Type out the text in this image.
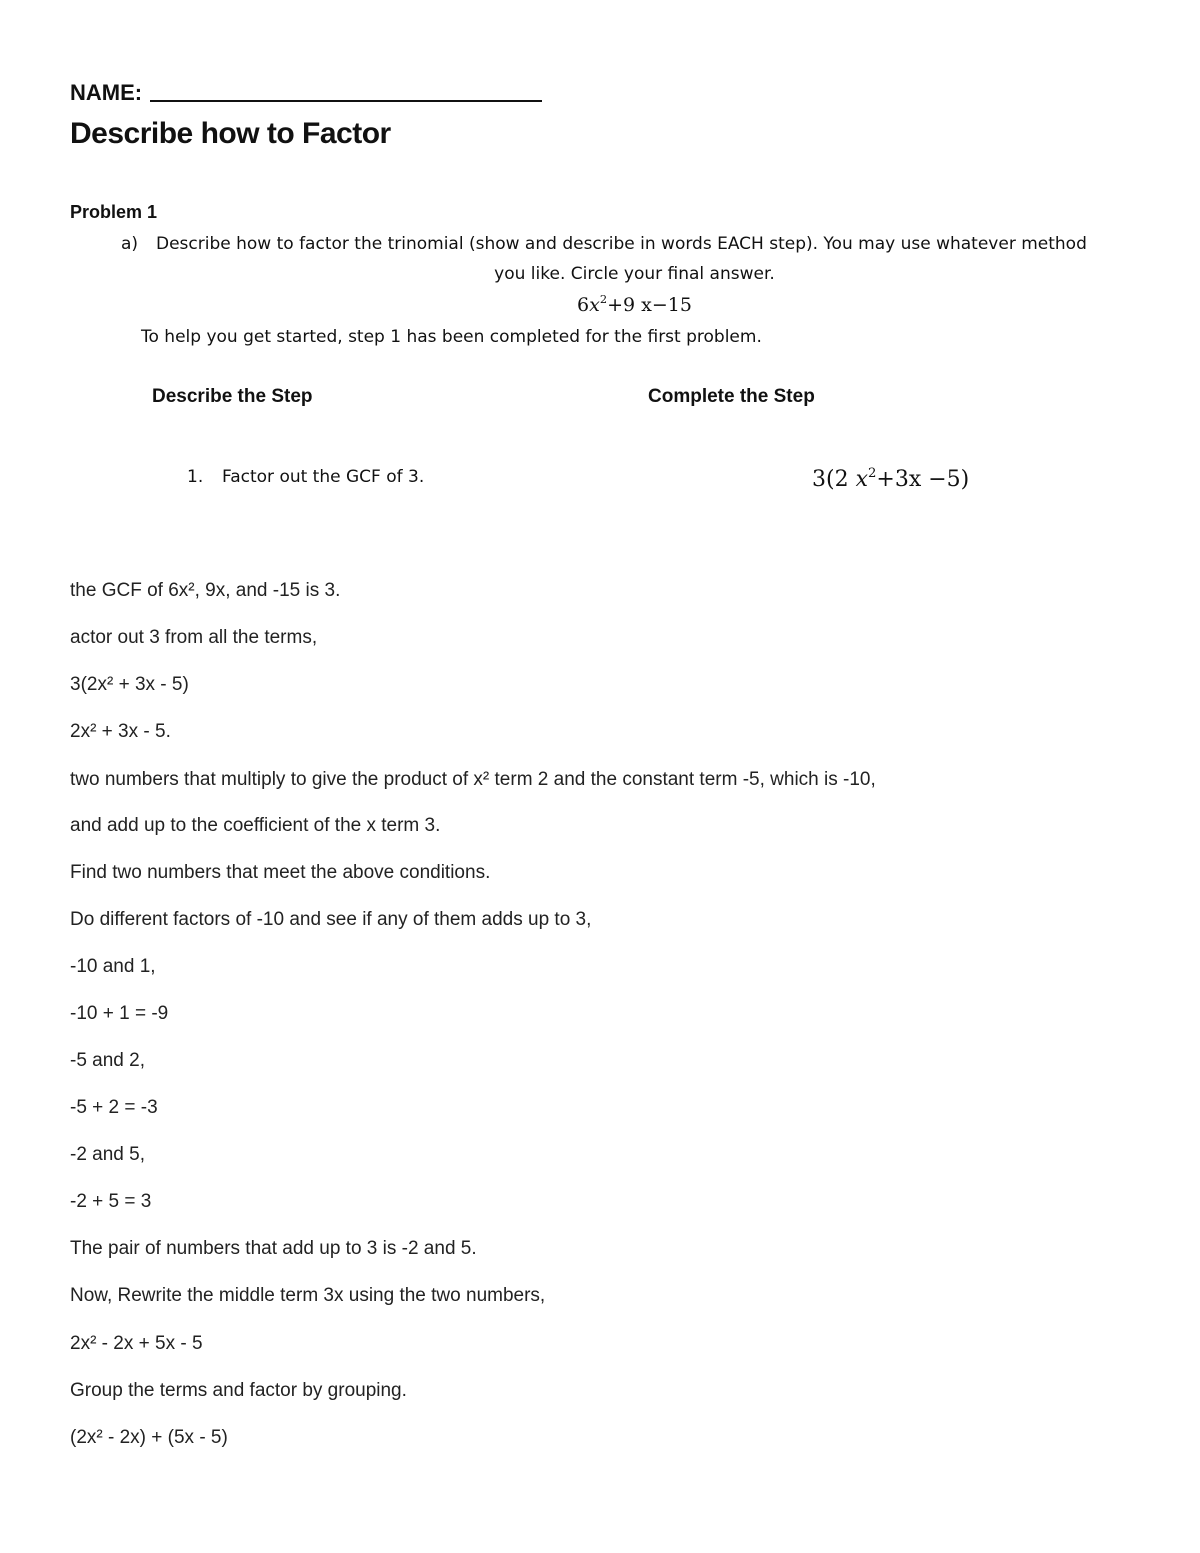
NAME:
Describe how to Factor
Problem 1
a) Describe how to factor the trinomial (show and describe in words EACH step). You may use whatever method
you like. Circle your final answer.
$6x^2+9$ x−15
To help you get started, step 1 has been completed for the first problem.
Describe the Step	Complete the Step
1. Factor out the GCF of 3.	3(2 $x^2+3x -5$)
the GCF of 6x², 9x, and -15 is 3.
actor out 3 from all the terms,
3(2x² + 3x - 5)
2x² + 3x - 5.
two numbers that multiply to give the product of x² term 2 and the constant term -5, which is -10,
and add up to the coefficient of the x term 3.
Find two numbers that meet the above conditions.
Do different factors of -10 and see if any of them adds up to 3,
-10 and 1,
-10 + 1 = -9
-5 and 2,
-5 + 2 = -3
-2 and 5,
-2 + 5 = 3
The pair of numbers that add up to 3 is -2 and 5.
Now, Rewrite the middle term 3x using the two numbers,
2x² - 2x + 5x - 5
Group the terms and factor by grouping.
(2x² - 2x) + (5x - 5)
